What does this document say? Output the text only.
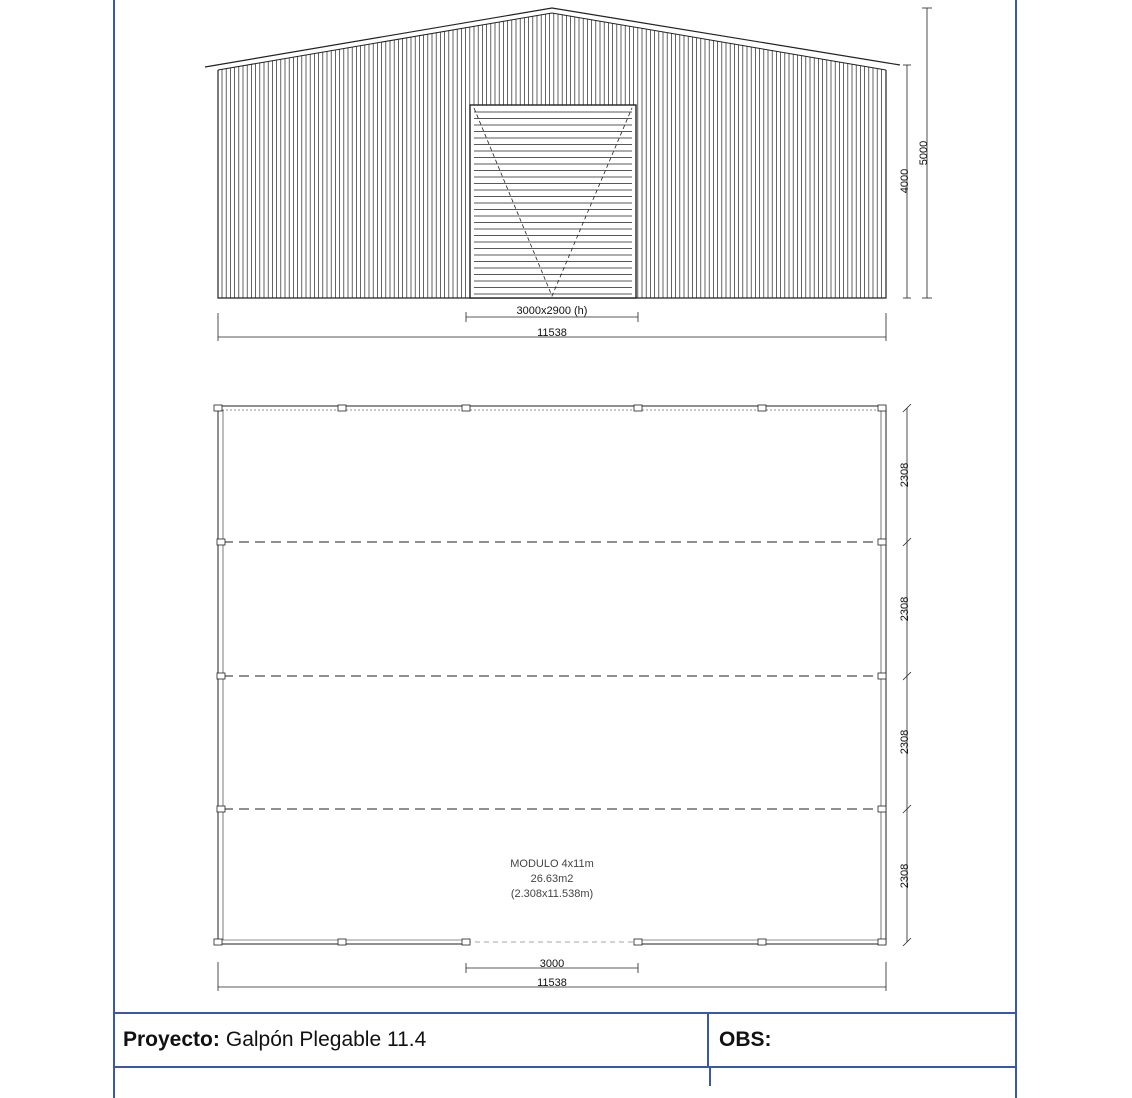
3000x2900 (h)
11538
4000
5000
2308
2308
2308
2308
3000
11538
MODULO 4x11m
26.63m2
(2.308x11.538m)
Proyecto: Galpón Plegable 11.4	OBS:
